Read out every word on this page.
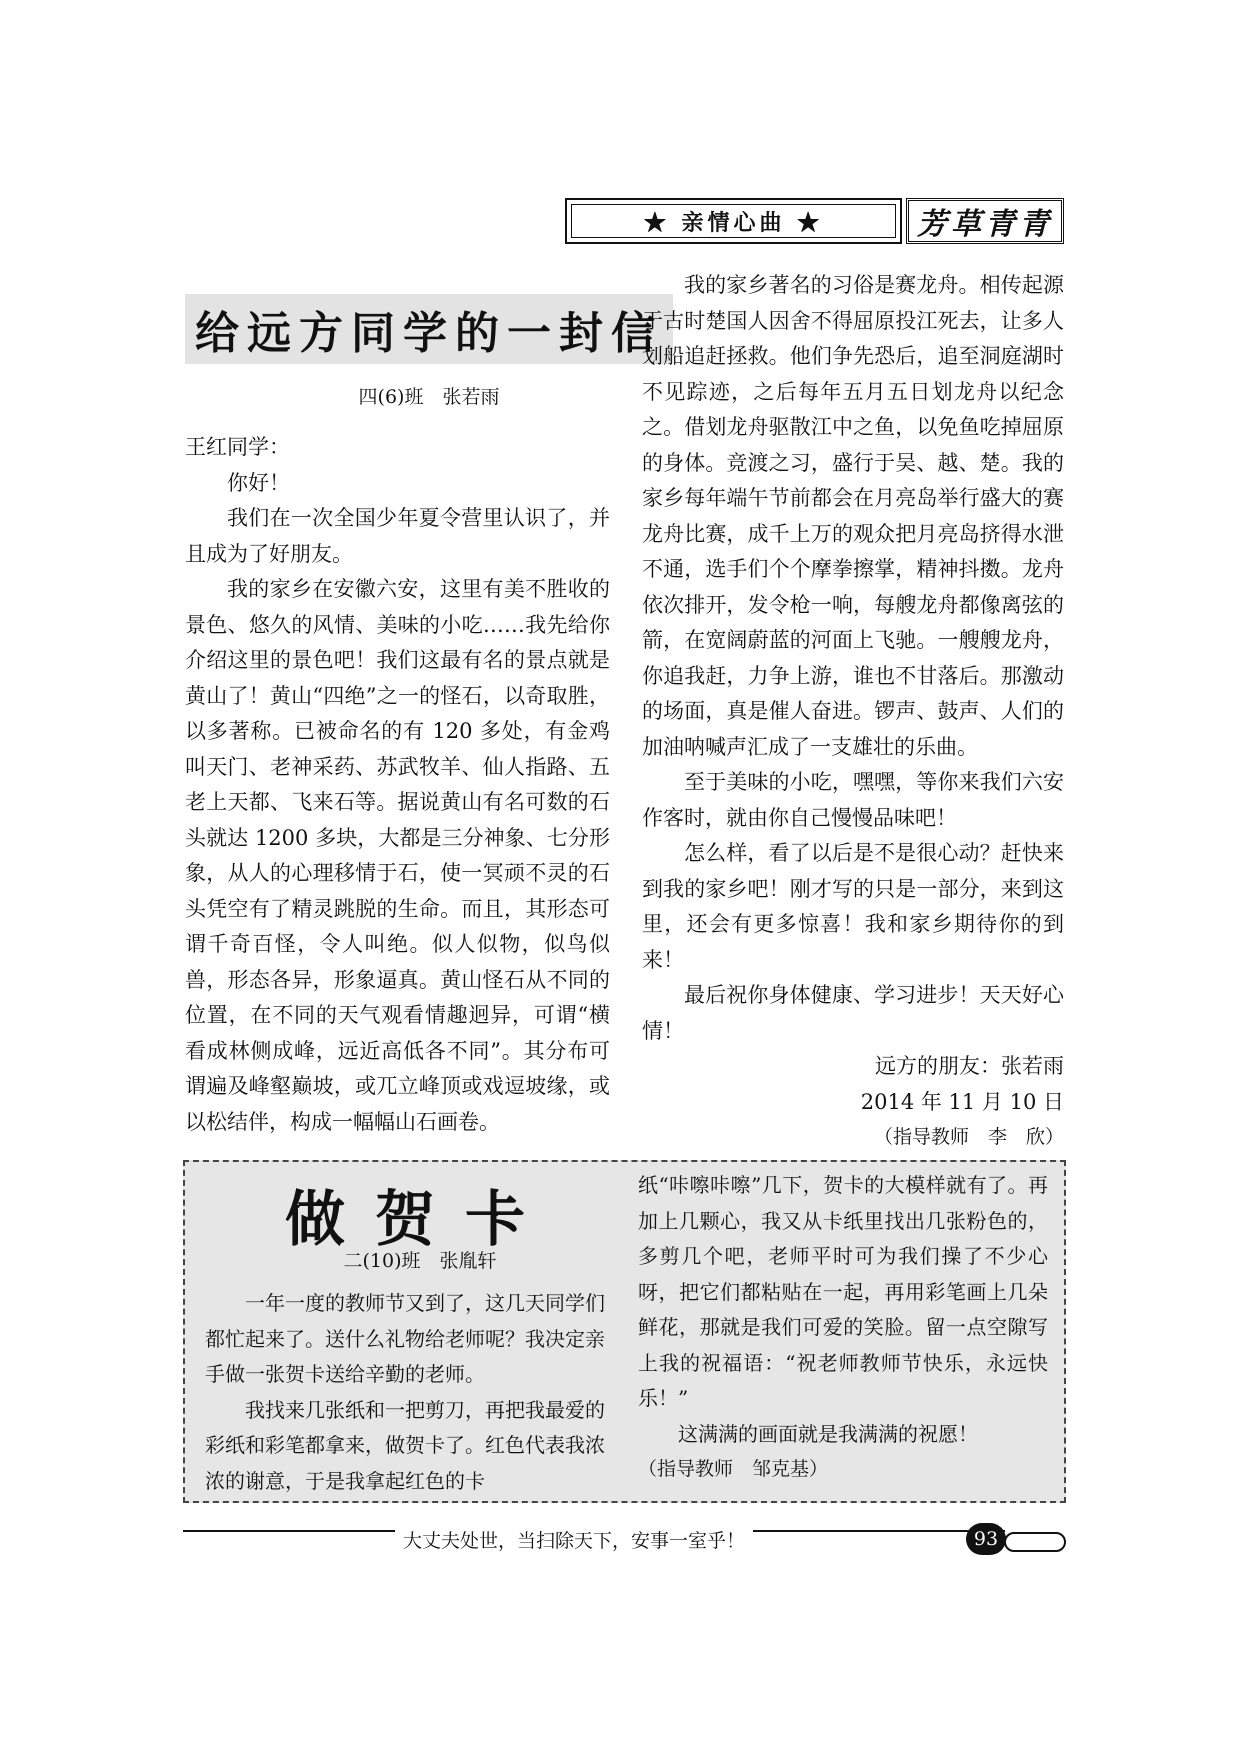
★ 亲情心曲 ★	芳草青青
给远方同学的一封信
四(6)班　张若雨

王红同学：

你好！

我们在一次全国少年夏令营里认识了，并且成为了好朋友。

我的家乡在安徽六安，这里有美不胜收的景色、悠久的风情、美味的小吃……我先给你介绍这里的景色吧！我们这最有名的景点就是黄山了！黄山“四绝”之一的怪石，以奇取胜，以多著称。已被命名的有 120 多处，有金鸡叫天门、老神采药、苏武牧羊、仙人指路、五老上天都、飞来石等。据说黄山有名可数的石头就达 1200 多块，大都是三分神象、七分形象，从人的心理移情于石，使一冥顽不灵的石头凭空有了精灵跳脱的生命。而且，其形态可谓千奇百怪，令人叫绝。似人似物，似鸟似兽，形态各异，形象逼真。黄山怪石从不同的位置，在不同的天气观看情趣迥异，可谓“横看成林侧成峰，远近高低各不同”。其分布可谓遍及峰壑巅坡，或兀立峰顶或戏逗坡缘，或以松结伴，构成一幅幅山石画卷。

我的家乡著名的习俗是赛龙舟。相传起源于古时楚国人因舍不得屈原投江死去，让多人划船追赶拯救。他们争先恐后，追至洞庭湖时不见踪迹，之后每年五月五日划龙舟以纪念之。借划龙舟驱散江中之鱼，以免鱼吃掉屈原的身体。竞渡之习，盛行于吴、越、楚。我的家乡每年端午节前都会在月亮岛举行盛大的赛龙舟比赛，成千上万的观众把月亮岛挤得水泄不通，选手们个个摩拳擦掌，精神抖擞。龙舟依次排开，发令枪一响，每艘龙舟都像离弦的箭，在宽阔蔚蓝的河面上飞驰。一艘艘龙舟，你追我赶，力争上游，谁也不甘落后。那激动的场面，真是催人奋进。锣声、鼓声、人们的加油呐喊声汇成了一支雄壮的乐曲。

至于美味的小吃，嘿嘿，等你来我们六安作客时，就由你自己慢慢品味吧！

怎么样，看了以后是不是很心动？赶快来到我的家乡吧！刚才写的只是一部分，来到这里，还会有更多惊喜！我和家乡期待你的到来！

最后祝你身体健康、学习进步！天天好心情！

远方的朋友：张若雨

2014 年 11 月 10 日

（指导教师　李　欣）

做贺卡
二(10)班　张胤轩

一年一度的教师节又到了，这几天同学们都忙起来了。送什么礼物给老师呢？我决定亲手做一张贺卡送给辛勤的老师。

我找来几张纸和一把剪刀，再把我最爱的彩纸和彩笔都拿来，做贺卡了。红色代表我浓浓的谢意，于是我拿起红色的卡

纸“咔嚓咔嚓”几下，贺卡的大模样就有了。再加上几颗心，我又从卡纸里找出几张粉色的，多剪几个吧，老师平时可为我们操了不少心呀，把它们都粘贴在一起，再用彩笔画上几朵鲜花，那就是我们可爱的笑脸。留一点空隙写上我的祝福语：“祝老师教师节快乐，永远快乐！”

这满满的画面就是我满满的祝愿！

（指导教师　邹克基）

大丈夫处世，当扫除天下，安事一室乎！	93
